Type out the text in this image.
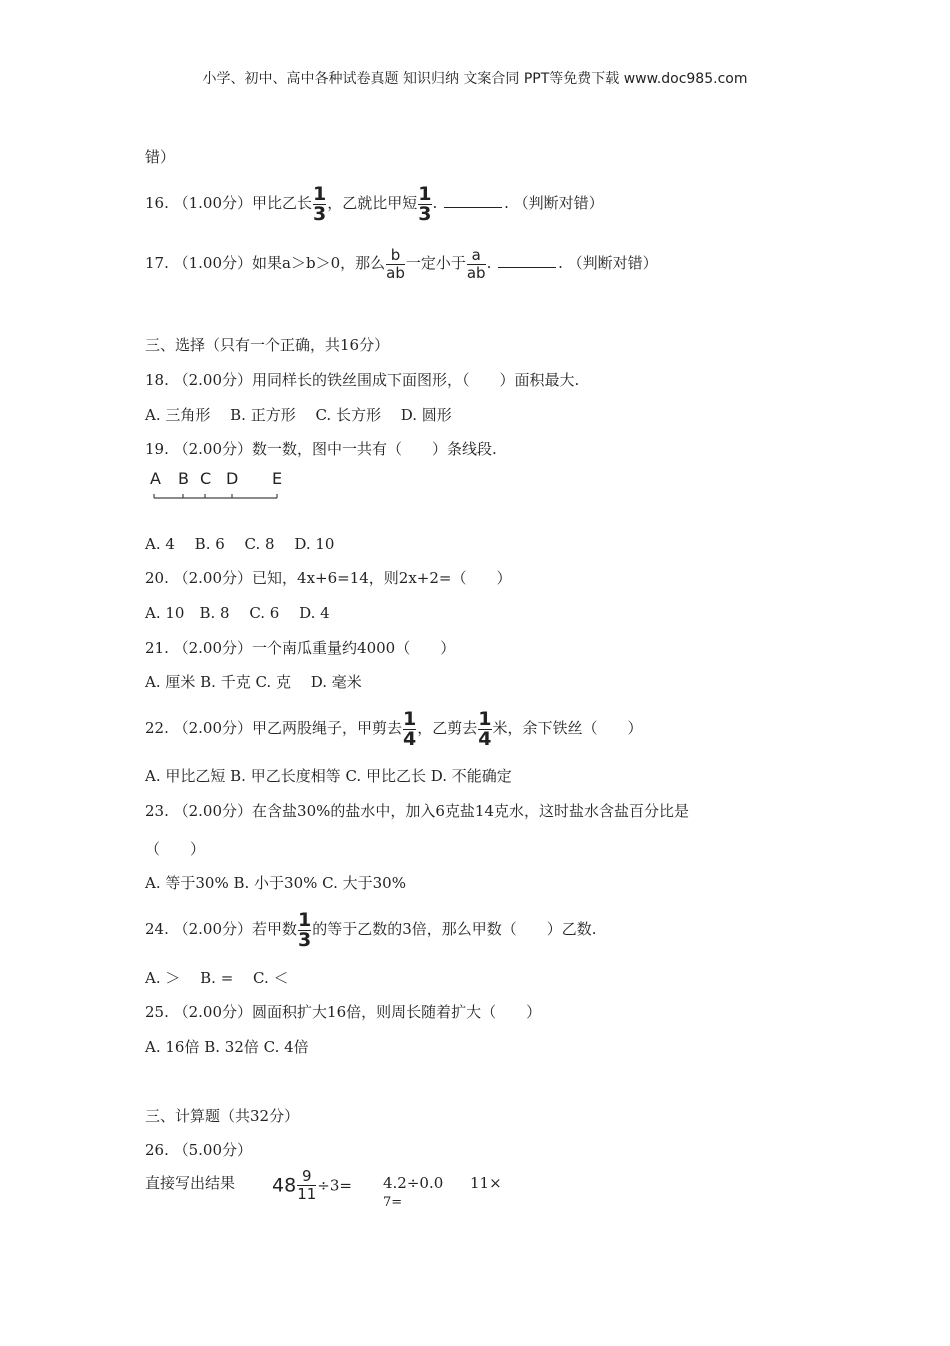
小学、初中、高中各种试卷真题 知识归纳 文案合同 PPT等免费下载 www.doc985.com
错）
16. （1.00分）甲比乙长 $\frac{1}{3}$ ，乙就比甲短 $\frac{1}{3}$ .	. （判断对错）
17. （1.00分）如果a＞b＞0，那么 $\frac{b}{ab}$ 一定小于 $\frac{a}{ab}$ .	. （判断对错）
三、选择（只有一个正确，共16分）
18. （2.00分）用同样长的铁丝围成下面图形，（　　）面积最大.
A. 三角形　 B. 正方形　 C. 长方形　 D. 圆形
19. （2.00分）数一数，图中一共有（　　）条线段.
A B C D E
A. 4　 B. 6　 C. 8　 D. 10
20. （2.00分）已知，4x+6=14，则2x+2=（　　）
A. 10　B. 8　 C. 6　 D. 4
21. （2.00分）一个南瓜重量约4000（　　）
A. 厘米 B. 千克 C. 克　 D. 毫米
22. （2.00分）甲乙两股绳子，甲剪去 $\frac{1}{4}$ ，乙剪去 $\frac{1}{4}$ 米，余下铁丝（　　）
A. 甲比乙短 B. 甲乙长度相等 C. 甲比乙长 D. 不能确定
23. （2.00分）在含盐30%的盐水中，加入6克盐14克水，这时盐水含盐百分比是
（　　）
A. 等于30% B. 小于30% C. 大于30%
24. （2.00分）若甲数 $\frac{1}{3}$ 的等于乙数的3倍，那么甲数（　　）乙数.
A. ＞　 B. =　 C. ＜
25. （2.00分）圆面积扩大16倍，则周长随着扩大（　　）
A. 16倍 B. 32倍 C. 4倍
三、计算题（共32分）
26. （5.00分）
直接写出结果 $48 \frac{9}{11} \div 3= 4.2\div 0.0$
7=
11×
